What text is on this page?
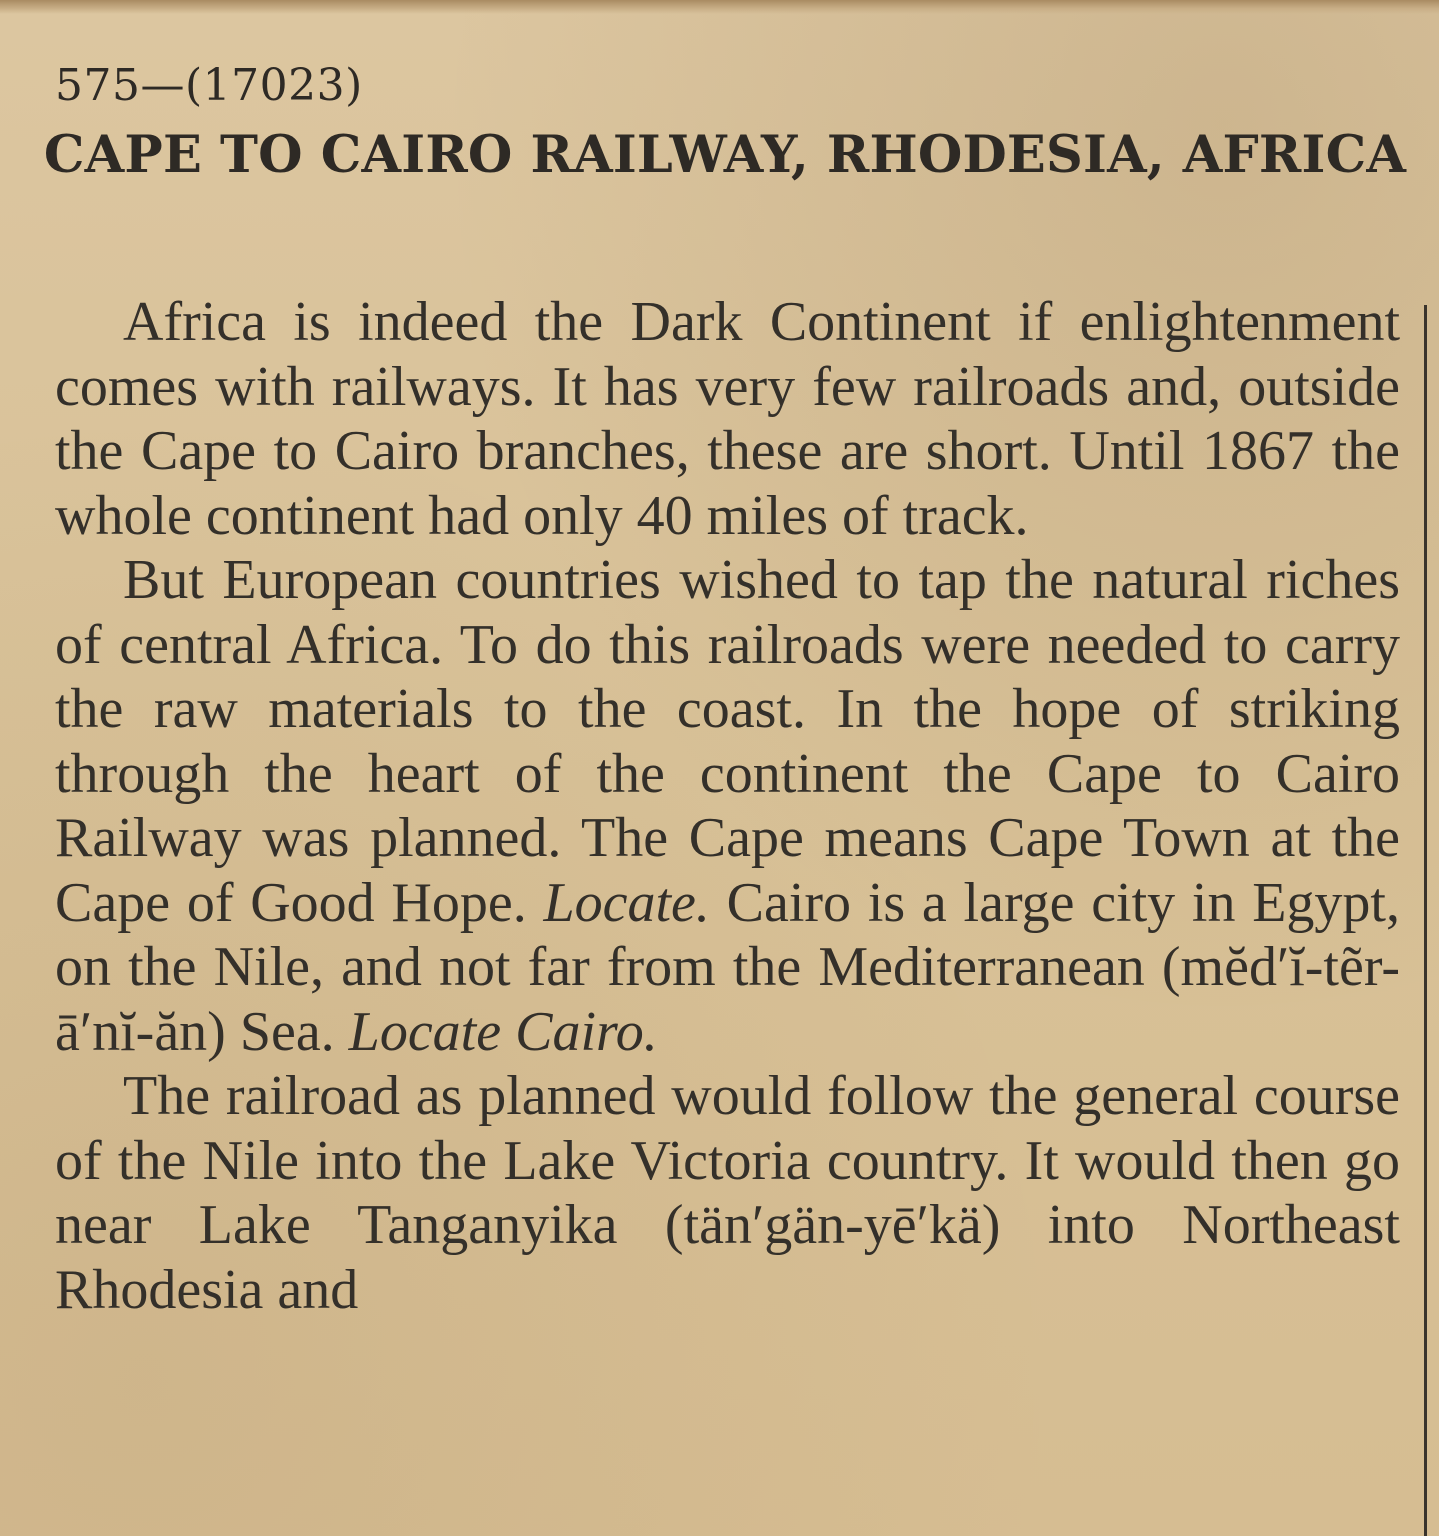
575—(17023)
CAPE TO CAIRO RAILWAY, RHODESIA, AFRICA

Africa is indeed the Dark Continent if enlightenment comes with railways. It has very few railroads and, outside the Cape to Cairo branches, these are short. Until 1867 the whole continent had only 40 miles of track.

But European countries wished to tap the natural riches of central Africa. To do this railroads were needed to carry the raw materials to the coast. In the hope of striking through the heart of the continent the Cape to Cairo Railway was planned. The Cape means Cape Town at the Cape of Good Hope. Locate. Cairo is a large city in Egypt, on the Nile, and not far from the Mediterranean (mĕd′ĭ-tẽr-ā′nĭ-ăn) Sea. Locate Cairo.

The railroad as planned would follow the general course of the Nile into the Lake Victoria country. It would then go near Lake Tanganyika (tän′gän-yē′kä) into Northeast Rhodesia and
